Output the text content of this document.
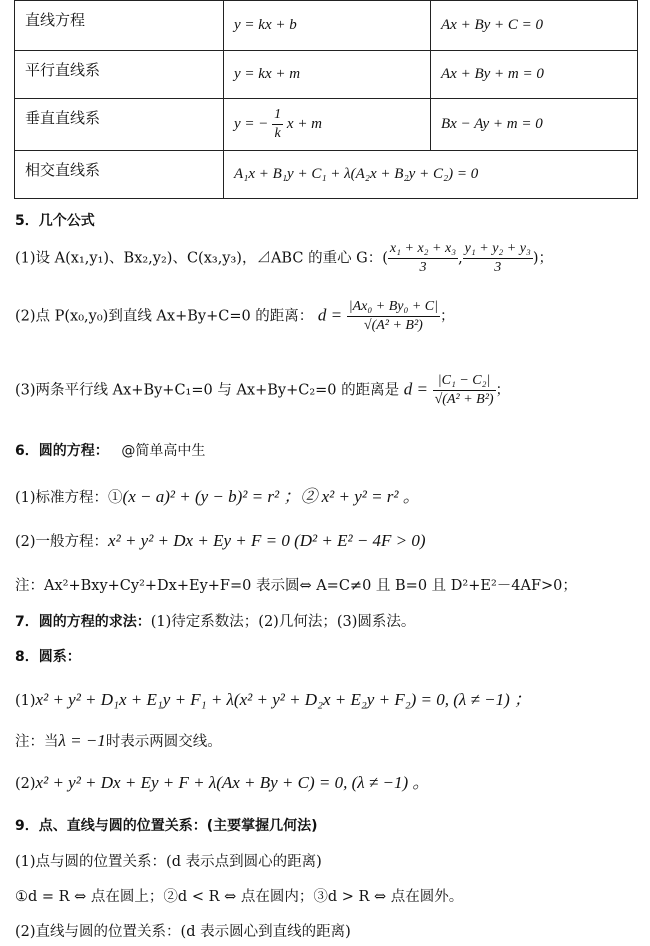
直线方程	y = kx + b	Ax + By + C = 0
平行直线系	y = kx + m	Ax + By + m = 0
垂直直线系	y = − $\frac{1}{k}$ x + m	Bx − Ay + m = 0
相交直线系	A₁x + B₁y + C₁ + λ(A₂x + B₂y + C₂) = 0	
5．几个公式
(1)设 A(x₁,y₁)、Bx₂,y₂)、C(x₃,y₃)，⊿ABC 的重心 G：( $\frac{\text{x₁ + x₂ + x₃}}{3}$ , $\frac{\text{y₁ + y₂ + y₃}}{3}$ )；
(2)点 P(x₀,y₀)到直线 Ax+By+C=0 的距离： $d = \frac{\text{|Ax₀ + By₀ + C|}}{\text{√(A² + B²)}}$ ；
(3)两条平行线 Ax+By+C₁=0 与 Ax+By+C₂=0 的距离是 $d = \frac{\text{|C₁ − C₂|}}{\text{√(A² + B²)}}$ ；
6．圆的方程： @简单高中生
(1)标准方程：①(x − a)² + (y − b)² = r² ；② x² + y² = r² 。
(2)一般方程：x² + y² + Dx + Ey + F = 0 (D² + E² − 4F > 0)
注：Ax²+Bxy+Cy²+Dx+Ey+F=0 表示圆⇔ A=C≠0 且 B=0 且 D²+E²－4AF>0；
7．圆的方程的求法：(1)待定系数法；(2)几何法；(3)圆系法。
8．圆系：
(1)x² + y² + D₁x + E₁y + F₁ + λ(x² + y² + D₂x + E₂y + F₂) = 0, (λ ≠ −1) ；
注：当λ = −1时表示两圆交线。
(2)x² + y² + Dx + Ey + F + λ(Ax + By + C) = 0, (λ ≠ −1) 。
9．点、直线与圆的位置关系：(主要掌握几何法)
(1)点与圆的位置关系：(d 表示点到圆心的距离)
①d = R ⇔ 点在圆上；②d < R ⇔ 点在圆内；③d > R ⇔ 点在圆外。
(2)直线与圆的位置关系：(d 表示圆心到直线的距离)
